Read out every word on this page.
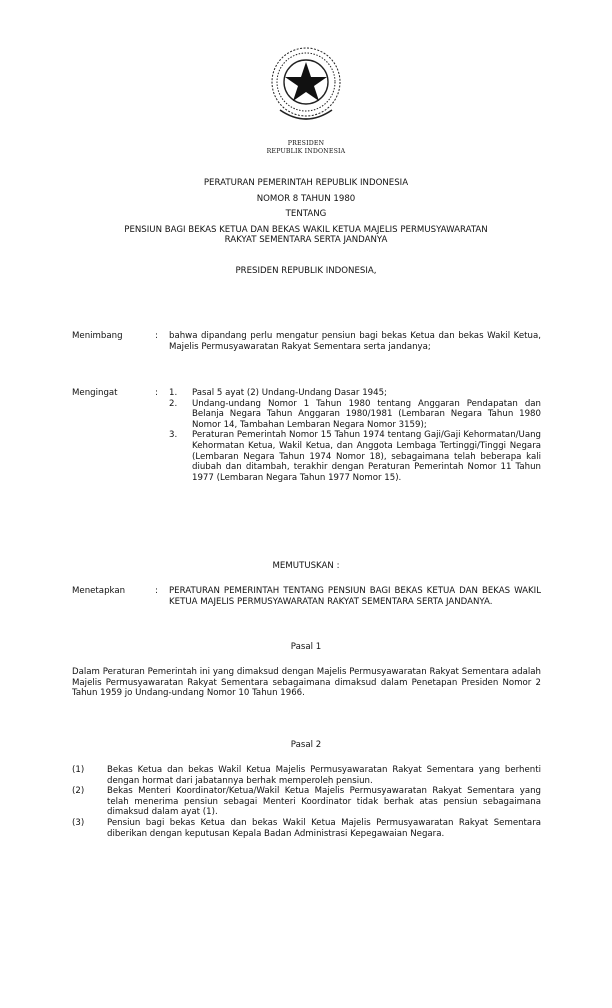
PRESIDEN
REPUBLIK INDONESIA
PERATURAN PEMERINTAH REPUBLIK INDONESIA
NOMOR 8 TAHUN 1980
TENTANG
PENSIUN BAGI BEKAS KETUA DAN BEKAS WAKIL KETUA MAJELIS PERMUSYAWARATAN
RAKYAT SEMENTARA SERTA JANDANYA
PRESIDEN REPUBLIK INDONESIA,
Menimbang	: bahwa dipandang perlu mengatur pensiun bagi bekas Ketua dan bekas Wakil Ketua, Majelis Permusyawaratan Rakyat Sementara serta jandanya;
Mengingat	: 1. Pasal 5 ayat (2) Undang-Undang Dasar 1945;
2. Undang-undang Nomor 1 Tahun 1980 tentang Anggaran Pendapatan dan Belanja Negara Tahun Anggaran 1980/1981 (Lembaran Negara Tahun 1980 Nomor 14, Tambahan Lembaran Negara Nomor 3159);
3. Peraturan Pemerintah Nomor 15 Tahun 1974 tentang Gaji/Gaji Kehormatan/Uang Kehormatan Ketua, Wakil Ketua, dan Anggota Lembaga Tertinggi/Tinggi Negara (Lembaran Negara Tahun 1974 Nomor 18), sebagaimana telah beberapa kali diubah dan ditambah, terakhir dengan Peraturan Pemerintah Nomor 11 Tahun 1977 (Lembaran Negara Tahun 1977 Nomor 15).
MEMUTUSKAN :
Menetapkan	: PERATURAN PEMERINTAH TENTANG PENSIUN BAGI BEKAS KETUA DAN BEKAS WAKIL KETUA MAJELIS PERMUSYAWARATAN RAKYAT SEMENTARA SERTA JANDANYA.
Pasal 1
Dalam Peraturan Pemerintah ini yang dimaksud dengan Majelis Permusyawaratan Rakyat Sementara adalah Majelis Permusyawaratan Rakyat Sementara sebagaimana dimaksud dalam Penetapan Presiden Nomor 2 Tahun 1959 jo Undang-undang Nomor 10 Tahun 1966.
Pasal 2
(1)	Bekas Ketua dan bekas Wakil Ketua Majelis Permusyawaratan Rakyat Sementara yang berhenti dengan hormat dari jabatannya berhak memperoleh pensiun.
(2)	Bekas Menteri Koordinator/Ketua/Wakil Ketua Majelis Permusyawaratan Rakyat Sementara yang telah menerima pensiun sebagai Menteri Koordinator tidak berhak atas pensiun sebagaimana dimaksud dalam ayat (1).
(3)	Pensiun bagi bekas Ketua dan bekas Wakil Ketua Majelis Permusyawaratan Rakyat Sementara diberikan dengan keputusan Kepala Badan Administrasi Kepegawaian Negara.
